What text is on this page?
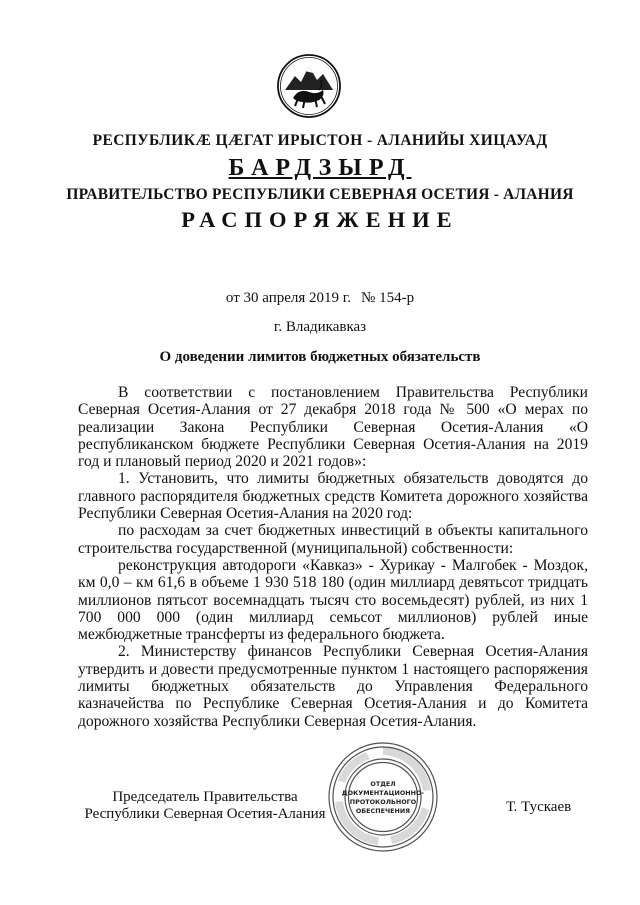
РЕСПУБЛИКӔ ЦӔГАТ ИРЫСТОН - АЛАНИЙЫ ХИЦАУАД
БАРДЗЫРД
ПРАВИТЕЛЬСТВО РЕСПУБЛИКИ СЕВЕРНАЯ ОСЕТИЯ - АЛАНИЯ
РАСПОРЯЖЕНИЕ
от 30 апреля 2019 г. № 154-р
г. Владикавказ
О доведении лимитов бюджетных обязательств

В соответствии с постановлением Правительства Республики Северная Осетия-Алания от 27 декабря 2018 года № 500 «О мерах по реализации Закона Республики Северная Осетия-Алания «О республиканском бюджете Республики Северная Осетия-Алания на 2019 год и плановый период 2020 и 2021 годов»:

1. Установить, что лимиты бюджетных обязательств доводятся до главного распорядителя бюджетных средств Комитета дорожного хозяйства Республики Северная Осетия-Алания на 2020 год:

по расходам за счет бюджетных инвестиций в объекты капитального строительства государственной (муниципальной) собственности:

реконструкция автодороги «Кавказ» - Хурикау - Малгобек - Моздок, км 0,0 – км 61,6 в объеме 1 930 518 180 (один миллиард девятьсот тридцать миллионов пятьсот восемнадцать тысяч сто восемьдесят) рублей, из них 1 700 000 000 (один миллиард семьсот миллионов) рублей иные межбюджетные трансферты из федерального бюджета.

2. Министерству финансов Республики Северная Осетия-Алания утвердить и довести предусмотренные пунктом 1 настоящего распоряжения лимиты бюджетных обязательств до Управления Федерального казначейства по Республике Северная Осетия-Алания и до Комитета дорожного хозяйства Республики Северная Осетия-Алания.

ОТДЕЛ
ДОКУМЕНТАЦИОННО-
ПРОТОКОЛЬНОГО
ОБЕСПЕЧЕНИЯ
Председатель Правительства
Республики Северная Осетия-Алания	Т. Тускаев
